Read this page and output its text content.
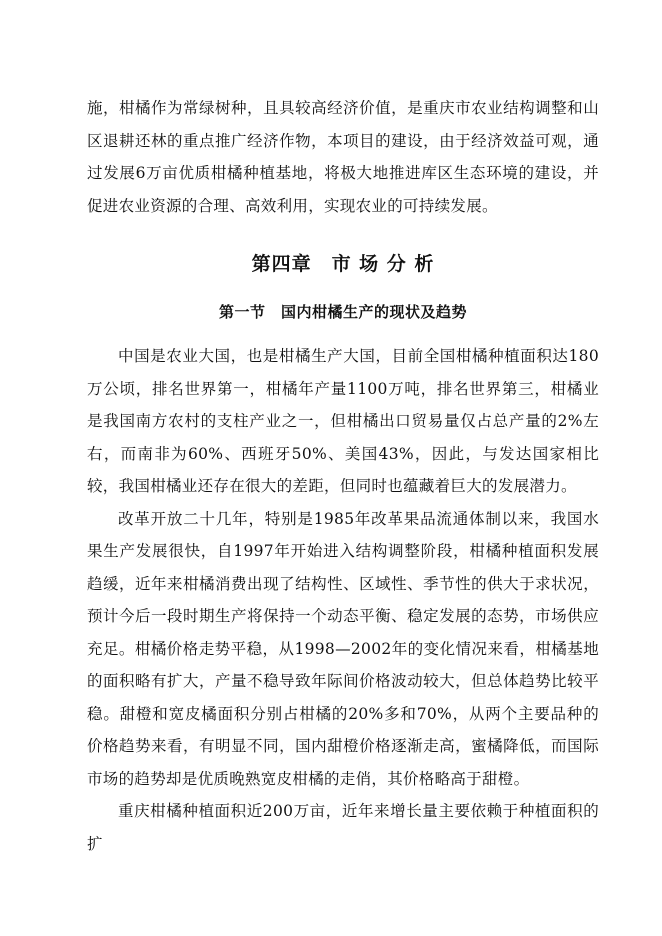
施，柑橘作为常绿树种，且具较高经济价值，是重庆市农业结构调整和山区退耕还林的重点推广经济作物，本项目的建设，由于经济效益可观，通过发展6万亩优质柑橘种植基地，将极大地推进库区生态环境的建设，并促进农业资源的合理、高效利用，实现农业的可持续发展。

第四章　市 场 分 析
第一节　国内柑橘生产的现状及趋势

中国是农业大国，也是柑橘生产大国，目前全国柑橘种植面积达180万公顷，排名世界第一，柑橘年产量1100万吨，排名世界第三，柑橘业是我国南方农村的支柱产业之一，但柑橘出口贸易量仅占总产量的2%左右，而南非为60%、西班牙50%、美国43%，因此，与发达国家相比较，我国柑橘业还存在很大的差距，但同时也蕴藏着巨大的发展潜力。

改革开放二十几年，特别是1985年改革果品流通体制以来，我国水果生产发展很快，自1997年开始进入结构调整阶段，柑橘种植面积发展趋缓，近年来柑橘消费出现了结构性、区域性、季节性的供大于求状况，预计今后一段时期生产将保持一个动态平衡、稳定发展的态势，市场供应充足。柑橘价格走势平稳，从1998—2002年的变化情况来看，柑橘基地的面积略有扩大，产量不稳导致年际间价格波动较大，但总体趋势比较平稳。甜橙和宽皮橘面积分别占柑橘的20%多和70%，从两个主要品种的价格趋势来看，有明显不同，国内甜橙价格逐渐走高，蜜橘降低，而国际市场的趋势却是优质晚熟宽皮柑橘的走俏，其价格略高于甜橙。

重庆柑橘种植面积近200万亩，近年来增长量主要依赖于种植面积的扩
